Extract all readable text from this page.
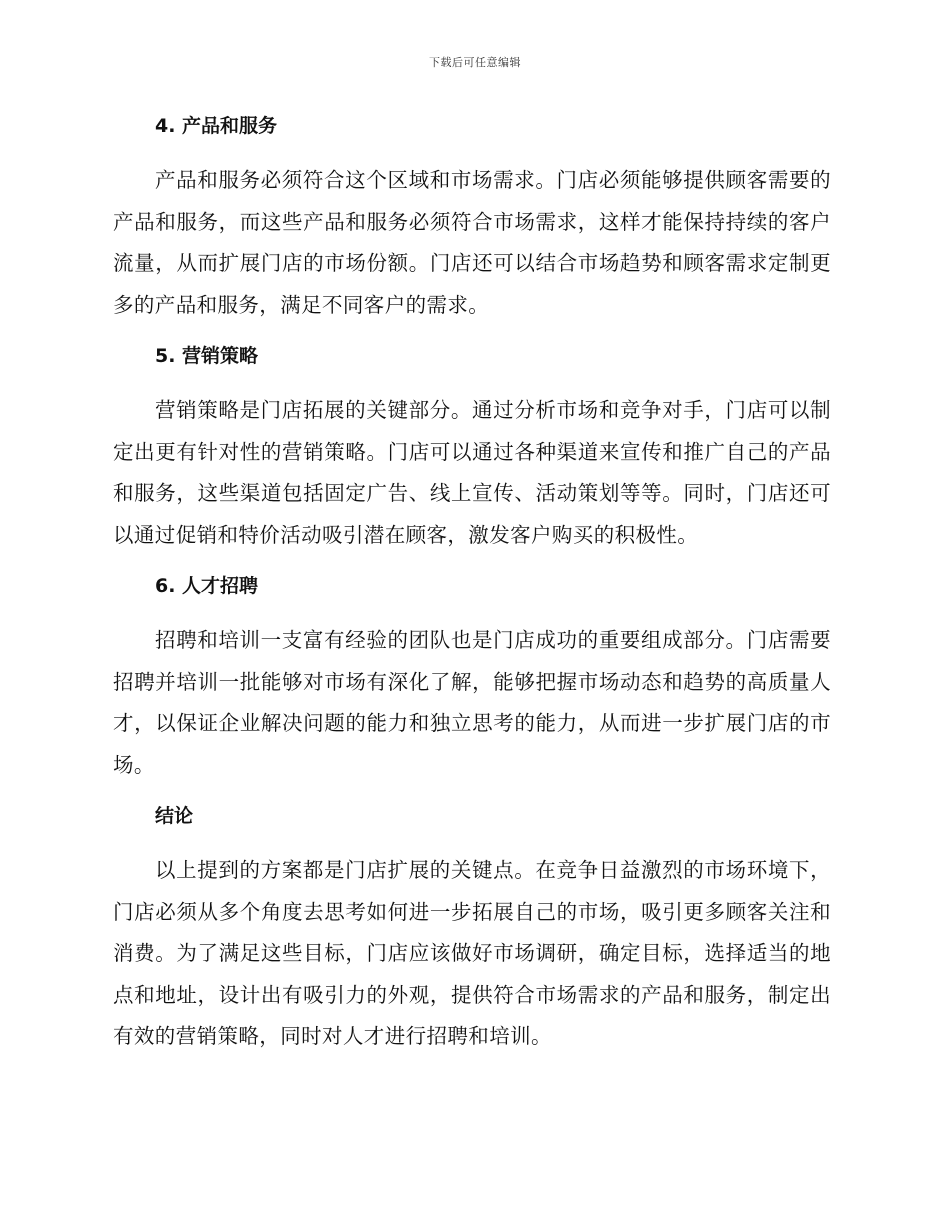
下载后可任意编辑
4. 产品和服务

产品和服务必须符合这个区域和市场需求。门店必须能够提供顾客需要的产品和服务，而这些产品和服务必须符合市场需求，这样才能保持持续的客户流量，从而扩展门店的市场份额。门店还可以结合市场趋势和顾客需求定制更多的产品和服务，满足不同客户的需求。

5. 营销策略

营销策略是门店拓展的关键部分。通过分析市场和竞争对手，门店可以制定出更有针对性的营销策略。门店可以通过各种渠道来宣传和推广自己的产品和服务，这些渠道包括固定广告、线上宣传、活动策划等等。同时，门店还可以通过促销和特价活动吸引潜在顾客，激发客户购买的积极性。

6. 人才招聘

招聘和培训一支富有经验的团队也是门店成功的重要组成部分。门店需要招聘并培训一批能够对市场有深化了解，能够把握市场动态和趋势的高质量人才，以保证企业解决问题的能力和独立思考的能力，从而进一步扩展门店的市场。

结论

以上提到的方案都是门店扩展的关键点。在竞争日益激烈的市场环境下，门店必须从多个角度去思考如何进一步拓展自己的市场，吸引更多顾客关注和消费。为了满足这些目标，门店应该做好市场调研，确定目标，选择适当的地点和地址，设计出有吸引力的外观，提供符合市场需求的产品和服务，制定出有效的营销策略，同时对人才进行招聘和培训。
